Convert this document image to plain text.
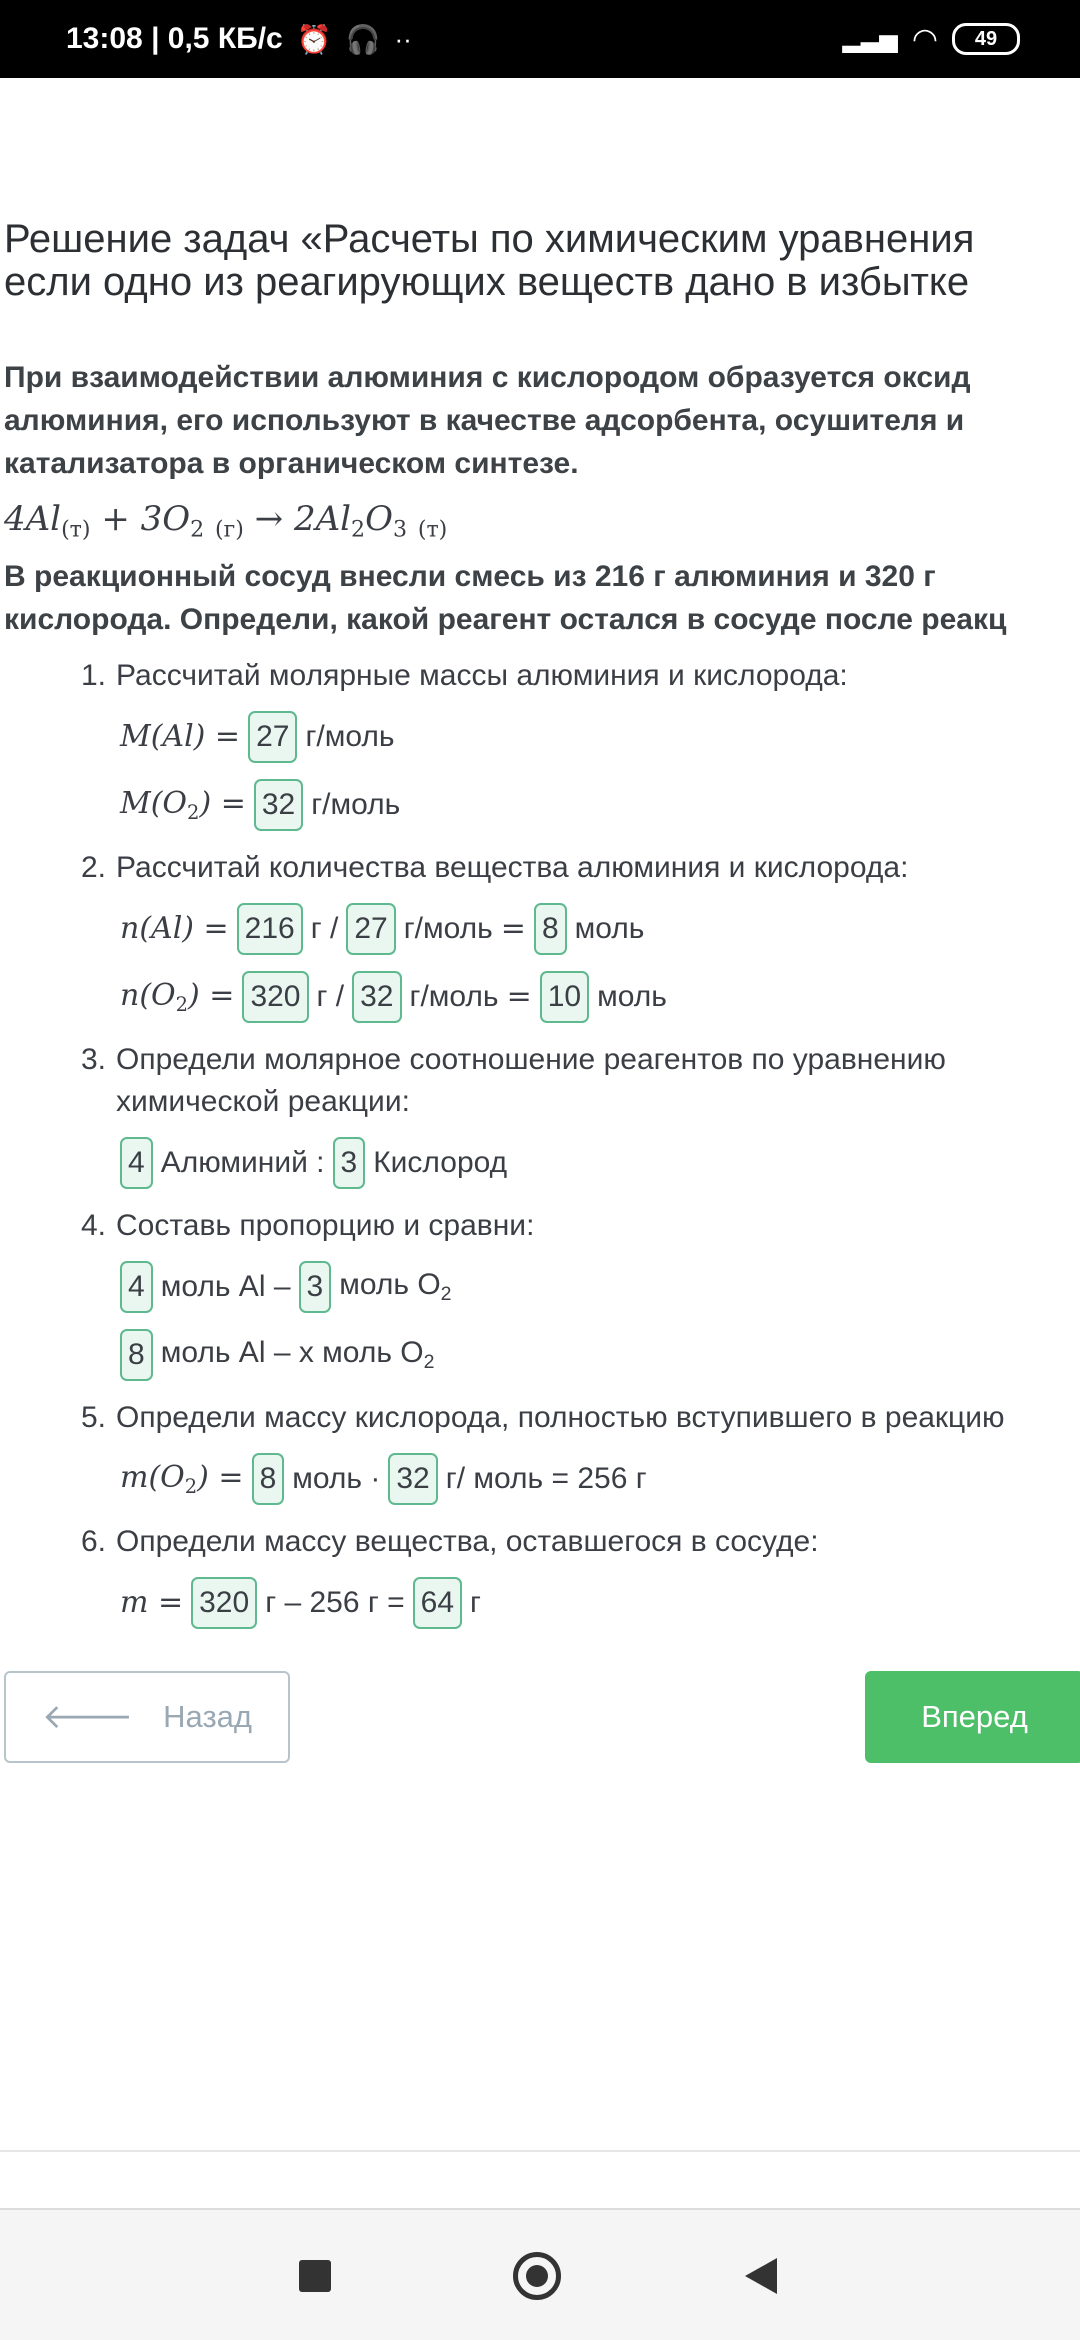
13:08 | 0,5 КБ/с ⏰ 🎧 ··	▂▃▅ ◠	49
Решение задач «Расчеты по химическим уравнения
если одно из реагирующих веществ дано в избытке
При взаимодействии алюминия с кислородом образуется оксид
алюминия, его используют в качестве адсорбента, осушителя и
катализатора в органическом синтезе.
$4Al_{(т)} + 3O_2$ $_{(г)} \to 2Al_2O_3$ $_{(т)}$
В реакционный сосуд внесли смесь из 216 г алюминия и 320 г
кислорода. Определи, какой реагент остался в сосуде после реакц
1. Рассчитай молярные массы алюминия и кислорода:
M(Al) = 27 г/моль
$M(O_2) = 32$ г/моль
2. Рассчитай количества вещества алюминия и кислорода:
n(Al) = 216 г / 27 г/моль = 8 моль
$n(O_2) = 320$ г / 32 г/моль = 10 моль
3. Определи молярное соотношение реагентов по уравнению
химической реакции:
4 Алюминий : 3 Кислород
4. Составь пропорцию и сравни:
4 моль Al – 3 моль $O_2$
8 моль Al – x моль $O_2$
5. Определи массу кислорода, полностью вступившего в реакцию
$m(O_2) = 8$ моль · 32 г/ моль = 256 г
6. Определи массу вещества, оставшегося в сосуде:
m = 320 г – 256 г = 64 г
🡐 Назад	Вперед
